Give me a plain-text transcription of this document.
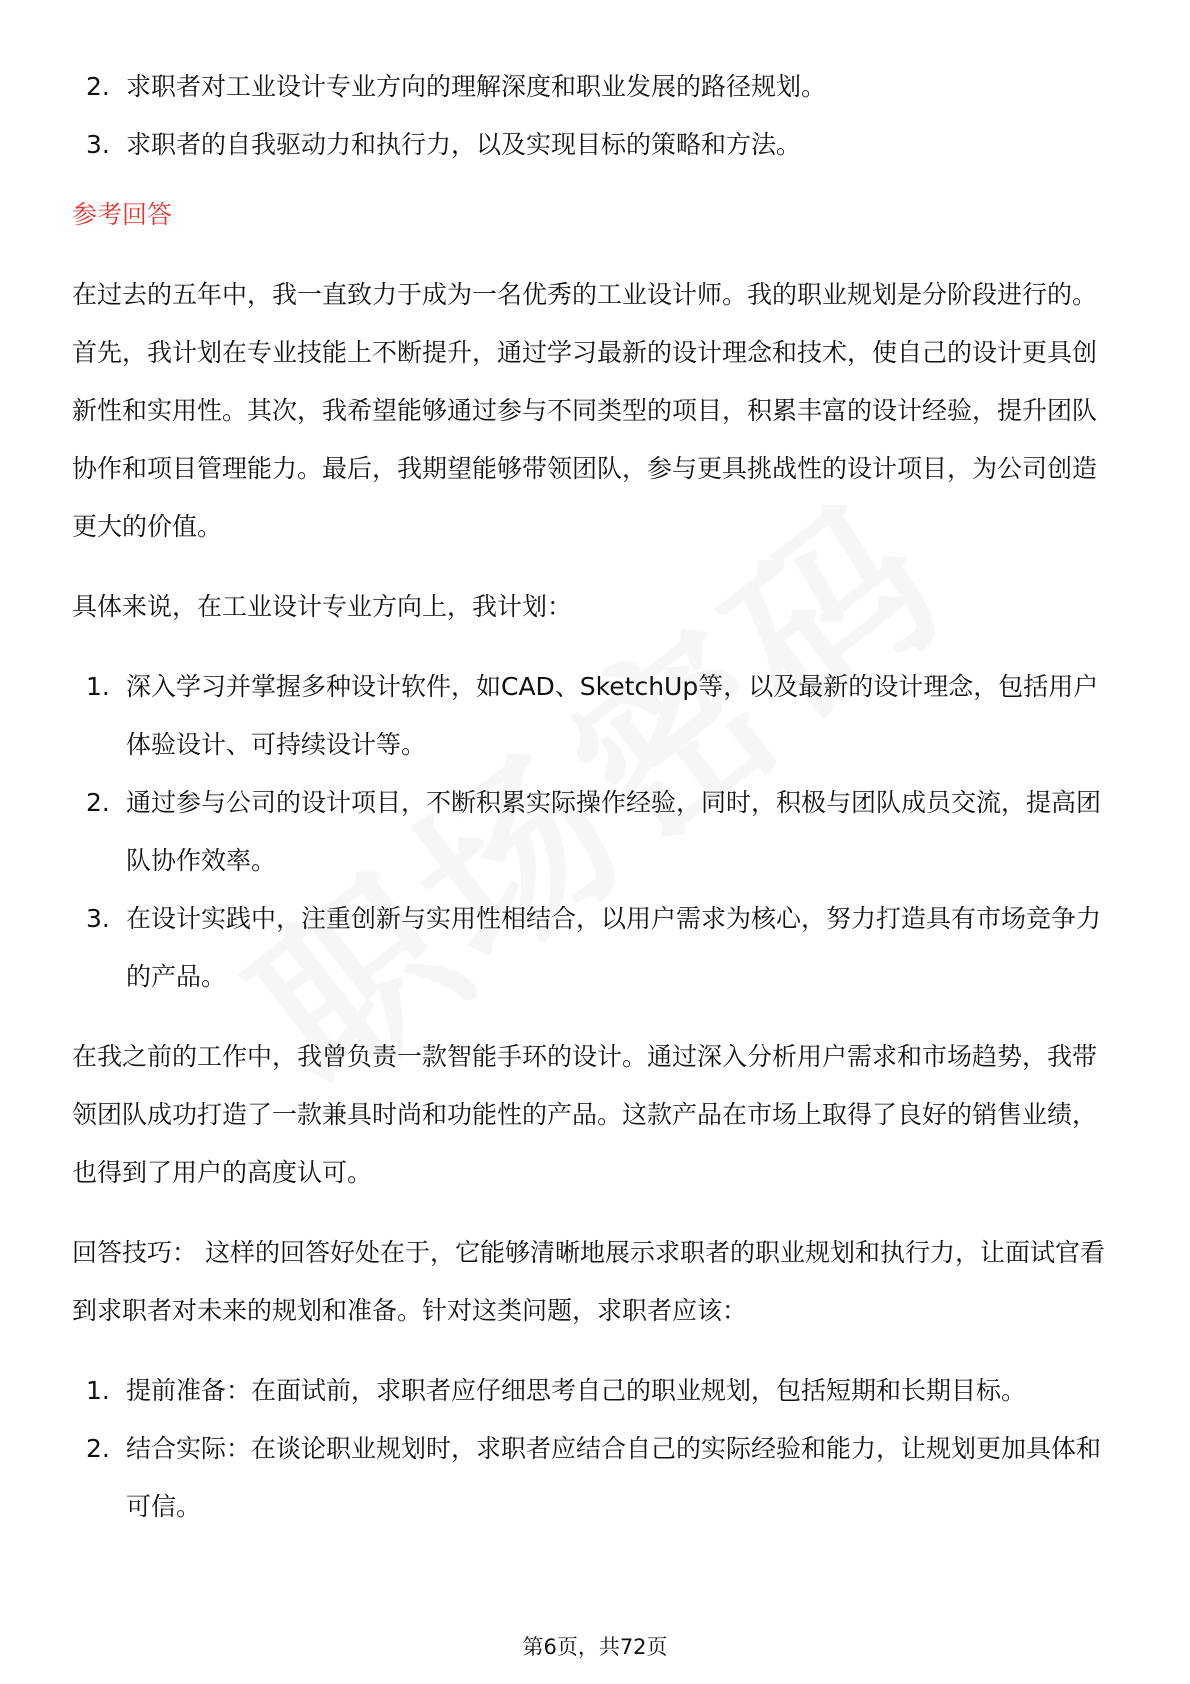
2. 求职者对工业设计专业方向的理解深度和职业发展的路径规划。
3. 求职者的自我驱动力和执行力，以及实现目标的策略和方法。
参考回答
在过去的五年中，我一直致力于成为一名优秀的工业设计师。我的职业规划是分阶段进行的。首先，我计划在专业技能上不断提升，通过学习最新的设计理念和技术，使自己的设计更具创新性和实用性。其次，我希望能够通过参与不同类型的项目，积累丰富的设计经验，提升团队协作和项目管理能力。最后，我期望能够带领团队，参与更具挑战性的设计项目，为公司创造更大的价值。
具体来说，在工业设计专业方向上，我计划：
1. 深入学习并掌握多种设计软件，如CAD、SketchUp等，以及最新的设计理念，包括用户体验设计、可持续设计等。
2. 通过参与公司的设计项目，不断积累实际操作经验，同时，积极与团队成员交流，提高团队协作效率。
3. 在设计实践中，注重创新与实用性相结合，以用户需求为核心，努力打造具有市场竞争力的产品。
在我之前的工作中，我曾负责一款智能手环的设计。通过深入分析用户需求和市场趋势，我带领团队成功打造了一款兼具时尚和功能性的产品。这款产品在市场上取得了良好的销售业绩，也得到了用户的高度认可。
回答技巧： 这样的回答好处在于，它能够清晰地展示求职者的职业规划和执行力，让面试官看到求职者对未来的规划和准备。针对这类问题，求职者应该：
1. 提前准备：在面试前，求职者应仔细思考自己的职业规划，包括短期和长期目标。
2. 结合实际：在谈论职业规划时，求职者应结合自己的实际经验和能力，让规划更加具体和可信。
第6页，共72页
